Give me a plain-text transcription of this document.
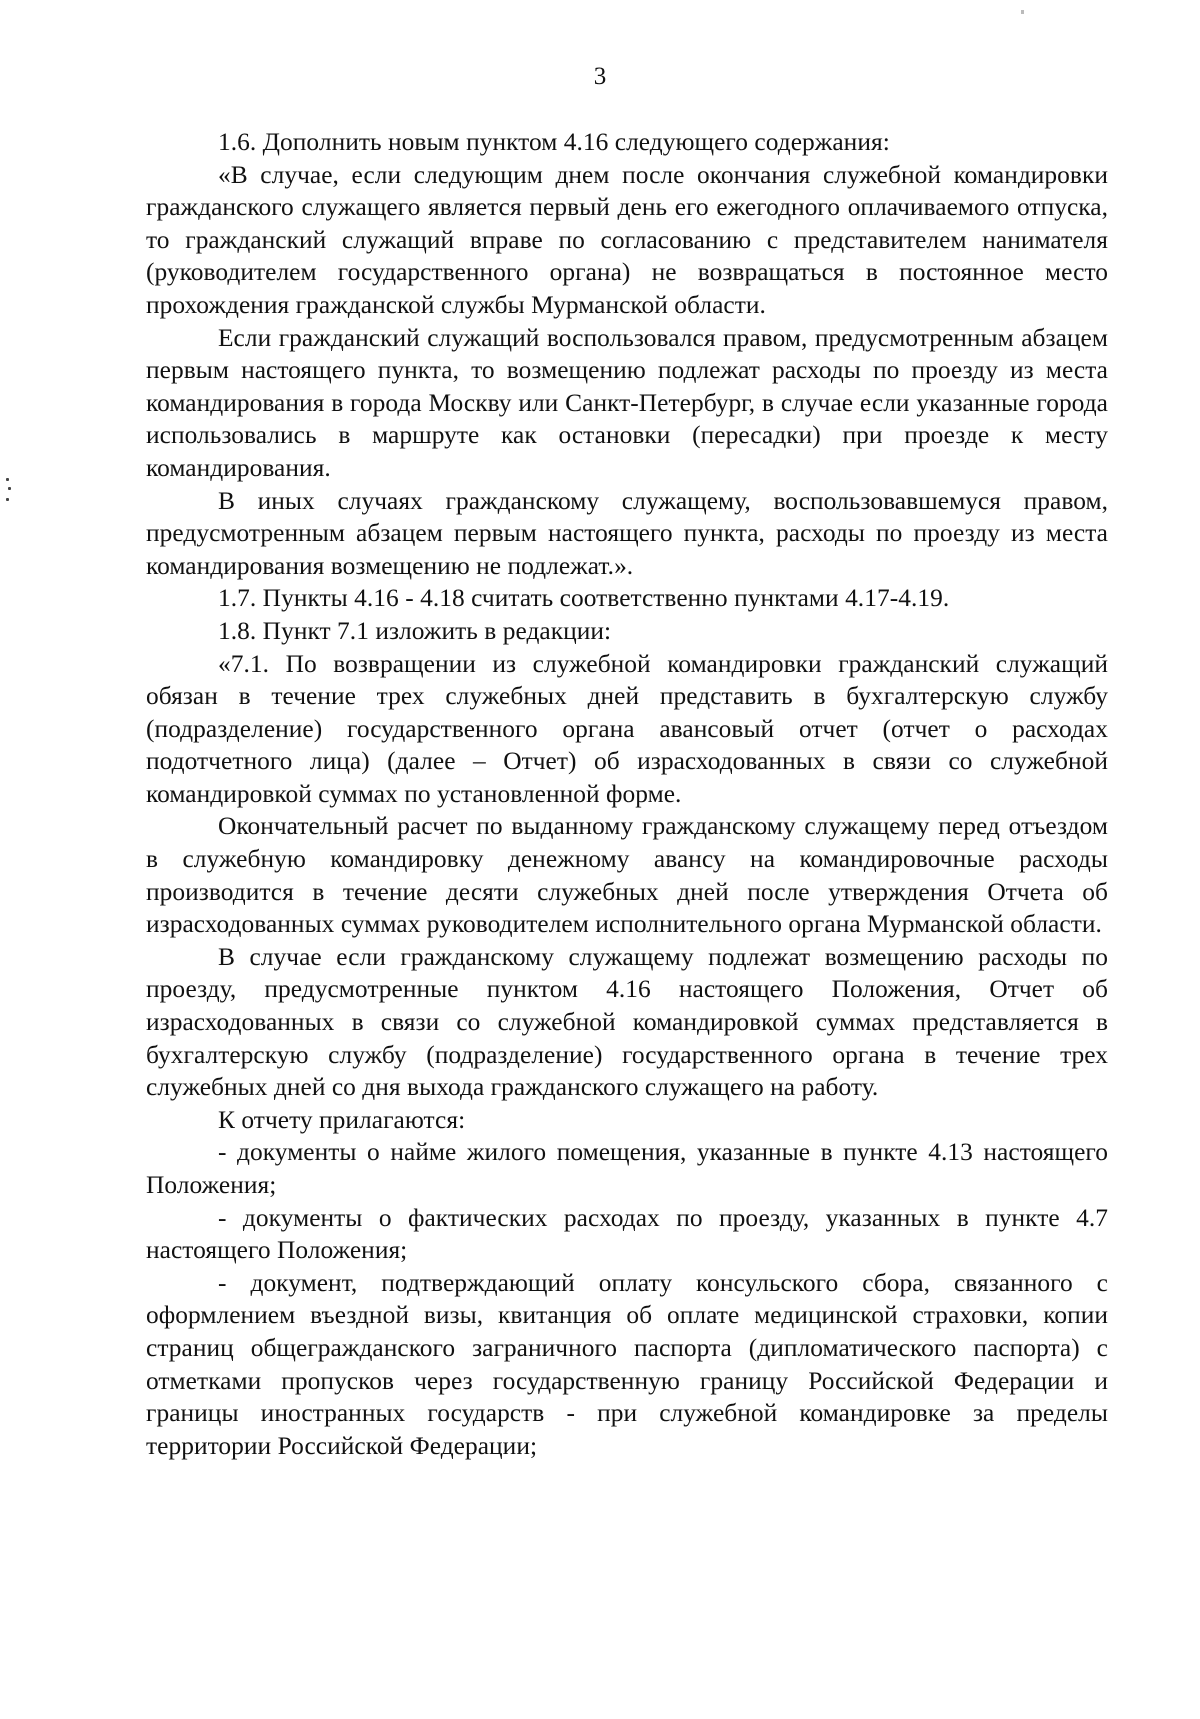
3

1.6. Дополнить новым пунктом 4.16 следующего содержания:

«В случае, если следующим днем после окончания служебной командировки гражданского служащего является первый день его ежегодного оплачиваемого отпуска, то гражданский служащий вправе по согласованию с представителем нанимателя (руководителем государственного органа) не возвращаться в постоянное место прохождения гражданской службы Мурманской области.

Если гражданский служащий воспользовался правом, предусмотренным абзацем первым настоящего пункта, то возмещению подлежат расходы по проезду из места командирования в города Москву или Санкт-Петербург, в случае если указанные города использовались в маршруте как остановки (пересадки) при проезде к месту командирования.

В иных случаях гражданскому служащему, воспользовавшемуся правом, предусмотренным абзацем первым настоящего пункта, расходы по проезду из места командирования возмещению не подлежат.».

1.7. Пункты 4.16 - 4.18 считать соответственно пунктами 4.17-4.19.

1.8. Пункт 7.1 изложить в редакции:

«7.1. По возвращении из служебной командировки гражданский служащий обязан в течение трех служебных дней представить в бухгалтерскую службу (подразделение) государственного органа авансовый отчет (отчет о расходах подотчетного лица) (далее – Отчет) об израсходованных в связи со служебной командировкой суммах по установленной форме.

Окончательный расчет по выданному гражданскому служащему перед отъездом в служебную командировку денежному авансу на командировочные расходы производится в течение десяти служебных дней после утверждения Отчета об израсходованных суммах руководителем исполнительного органа Мурманской области.

В случае если гражданскому служащему подлежат возмещению расходы по проезду, предусмотренные пунктом 4.16 настоящего Положения, Отчет об израсходованных в связи со служебной командировкой суммах представляется в бухгалтерскую службу (подразделение) государственного органа в течение трех служебных дней со дня выхода гражданского служащего на работу.

К отчету прилагаются:

- документы о найме жилого помещения, указанные в пункте 4.13 настоящего Положения;

- документы о фактических расходах по проезду, указанных в пункте 4.7 настоящего Положения;

- документ, подтверждающий оплату консульского сбора, связанного с оформлением въездной визы, квитанция об оплате медицинской страховки, копии страниц общегражданского заграничного паспорта (дипломатического паспорта) с отметками пропусков через государственную границу Российской Федерации и границы иностранных государств - при служебной командировке за пределы территории Российской Федерации;
